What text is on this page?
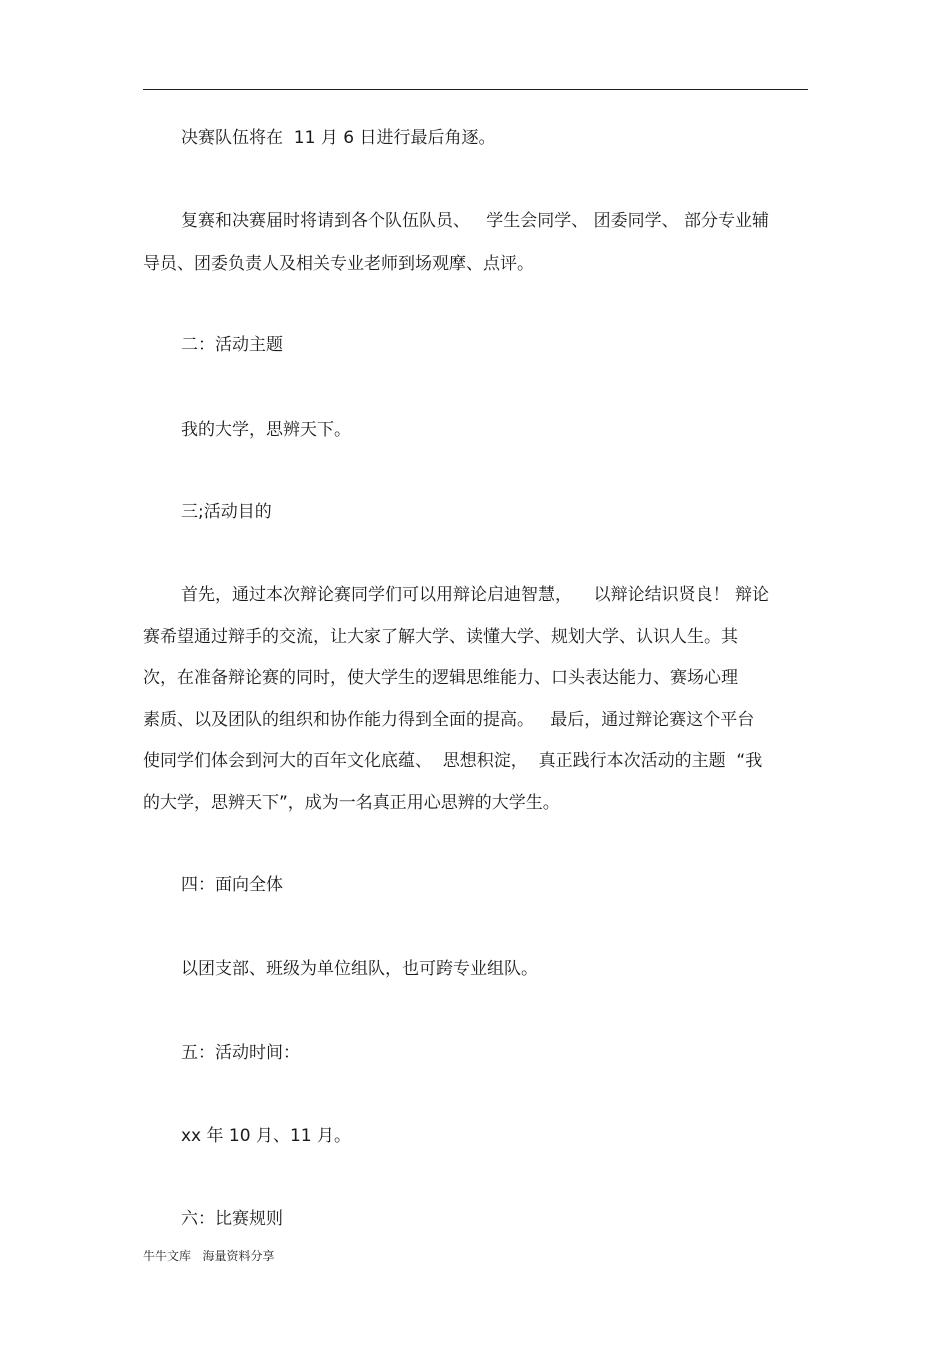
决赛队伍将在  11 月 6 日进行最后角逐。
复赛和决赛届时将请到各个队伍队员、   学生会同学、 团委同学、 部分专业辅
导员、团委负责人及相关专业老师到场观摩、点评。
二：活动主题
我的大学，思辨天下。
三;活动目的
首先，通过本次辩论赛同学们可以用辩论启迪智慧，    以辩论结识贤良！ 辩论
赛希望通过辩手的交流，让大家了解大学、读懂大学、规划大学、认识人生。其
次，在准备辩论赛的同时，使大学生的逻辑思维能力、口头表达能力、赛场心理
素质、以及团队的组织和协作能力得到全面的提高。   最后，通过辩论赛这个平台
使同学们体会到河大的百年文化底蕴、  思想积淀，  真正践行本次活动的主题  “我
的大学，思辨天下”，成为一名真正用心思辨的大学生。
四：面向全体
以团支部、班级为单位组队，也可跨专业组队。
五：活动时间：
xx 年 10 月、11 月。
六：比赛规则
牛牛文库   海量资料分享
